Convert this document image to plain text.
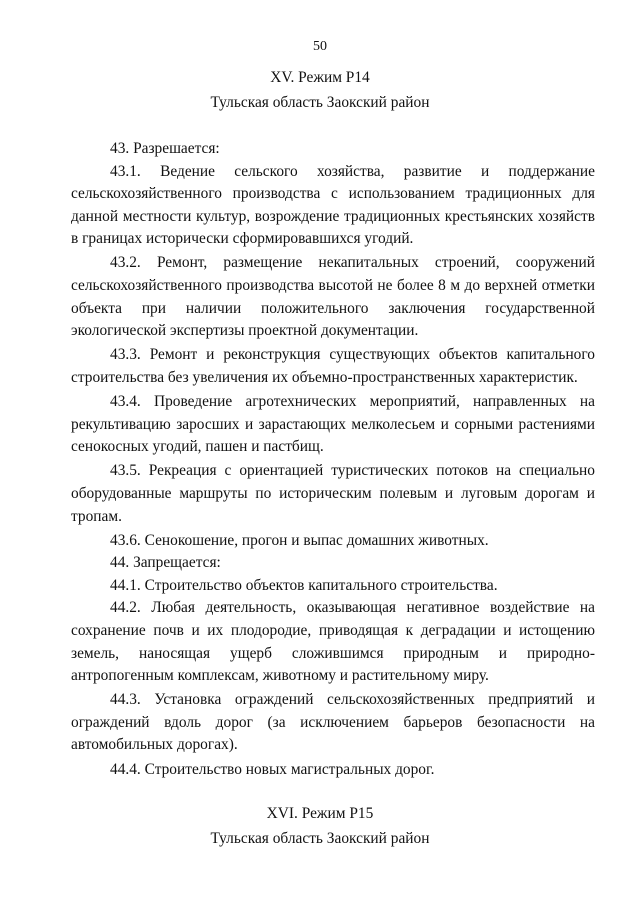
50
XV. Режим Р14
Тульская область Заокский район

43. Разрешается:

43.1. Ведение сельского хозяйства, развитие и поддержание сельскохозяйственного производства с использованием традиционных для данной местности культур, возрождение традиционных крестьянских хозяйств в границах исторически сформировавшихся угодий.

43.2. Ремонт, размещение некапитальных строений, сооружений сельскохозяйственного производства высотой не более 8 м до верхней отметки объекта при наличии положительного заключения государственной экологической экспертизы проектной документации.

43.3. Ремонт и реконструкция существующих объектов капитального строительства без увеличения их объемно-пространственных характеристик.

43.4. Проведение агротехнических мероприятий, направленных на рекультивацию заросших и зарастающих мелколесьем и сорными растениями сенокосных угодий, пашен и пастбищ.

43.5. Рекреация с ориентацией туристических потоков на специально оборудованные маршруты по историческим полевым и луговым дорогам и тропам.

43.6. Сенокошение, прогон и выпас домашних животных.

44. Запрещается:

44.1. Строительство объектов капитального строительства.

44.2. Любая деятельность, оказывающая негативное воздействие на сохранение почв и их плодородие, приводящая к деградации и истощению земель, наносящая ущерб сложившимся природным и природно-антропогенным комплексам, животному и растительному миру.

44.3. Установка ограждений сельскохозяйственных предприятий и ограждений вдоль дорог (за исключением барьеров безопасности на автомобильных дорогах).

44.4. Строительство новых магистральных дорог.

XVI. Режим Р15
Тульская область Заокский район
